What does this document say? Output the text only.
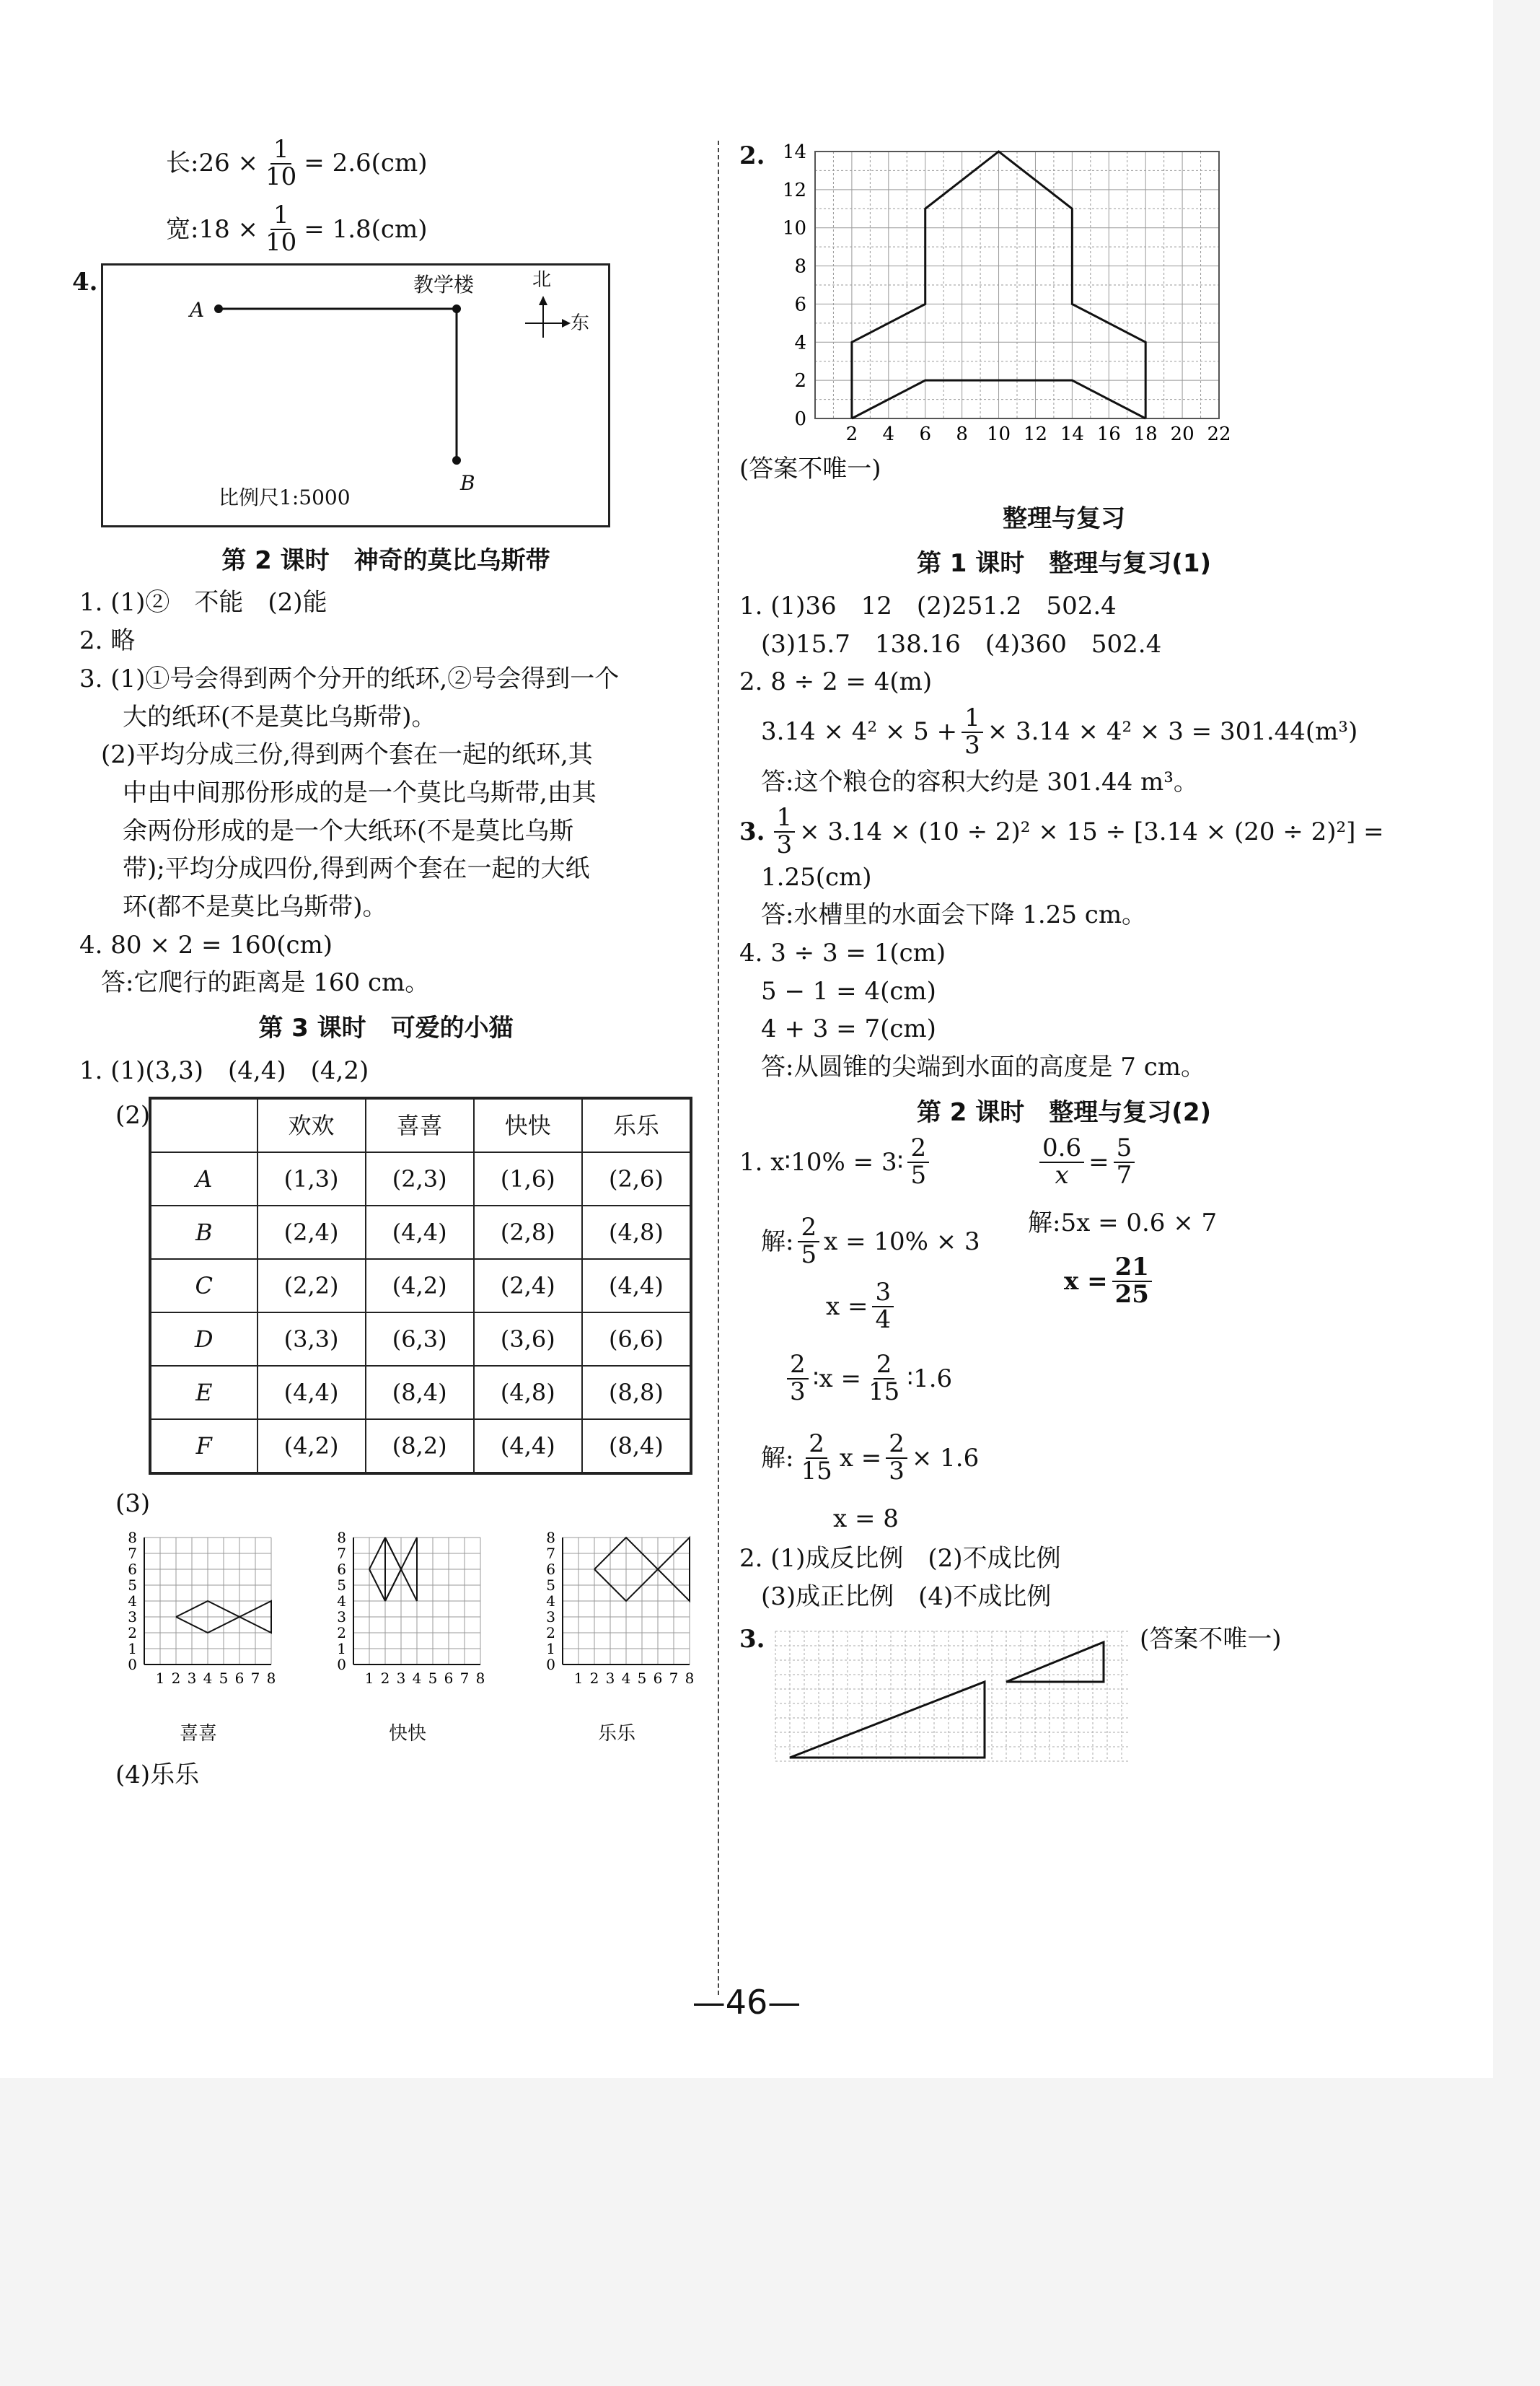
长:26 × $\frac{1}{10} = 2.6(cm)$

宽:18 × $\frac{1}{10} = 1.8(cm)$

4.
A
教学楼
B
北
东
比例尺1:5000

第 2 课时　神奇的莫比乌斯带

1. (1)②　不能　(2)能

2. 略

3. (1)①号会得到两个分开的纸环,②号会得到一个

大的纸环(不是莫比乌斯带)。

(2)平均分成三份,得到两个套在一起的纸环,其

中由中间那份形成的是一个莫比乌斯带,由其

余两份形成的是一个大纸环(不是莫比乌斯

带);平均分成四份,得到两个套在一起的大纸

环(都不是莫比乌斯带)。

4. 80 × 2 = 160(cm)

答:它爬行的距离是 160 cm。

第 3 课时　可爱的小猫

1. (1)(3,3)　(4,4)　(4,2)

(2)
		欢欢	喜喜	快快	乐乐
A	(1,3)	(2,3)	(1,6)	(2,6)
B	(2,4)	(4,4)	(2,8)	(4,8)
C	(2,2)	(4,2)	(2,4)	(4,4)
D	(3,3)	(6,3)	(3,6)	(6,6)
E	(4,4)	(8,4)	(4,8)	(8,8)
F	(4,2)	(8,2)	(4,4)	(8,4)

(3)

8
7
6
5
4
3
2
1
0
1 2 3 4 5 6 7 8
喜喜
8
7
6
5
4
3
2
1
0
1 2 3 4 5 6 7 8
快快
8
7
6
5
4
3
2
1
0
1 2 3 4 5 6 7 8
乐乐

(4)乐乐

2.
2 4 6 8 10 12 14 16 18 20 22
0
2
4
6
8
10
12
14

(答案不唯一)

整理与复习

第 1 课时　整理与复习(1)

1. (1)36　12　(2)251.2　502.4

(3)15.7　138.16　(4)360　502.4

2. 8 ÷ 2 = 4(m)

$3.14 \times 4^2 \times 5 + \frac{1}{3} \times 3.14 \times 4^2 \times 3 = 301.44(m^3)$

答:这个粮仓的容积大约是 301.44 m³。

3. $\frac{1}{3} \times 3.14 \times (10 \div 2)^2 \times 15 \div [3.14 \times (20 \div 2)^2]$ =

1.25(cm)

答:水槽里的水面会下降 1.25 cm。

4. 3 ÷ 3 = 1(cm)

5 − 1 = 4(cm)

4 + 3 = 7(cm)

答:从圆锥的尖端到水面的高度是 7 cm。

第 2 课时　整理与复习(2)

1. x∶10% = 3∶ $\frac{2}{5}$	$\frac{0.6}{x} = \frac{5}{7}$
解: $\frac{2}{5}$ x = 10% × 3

解:5x = 0.6 × 7

$x = \frac{3}{4}$	$x = \frac{21}{25}$
$\frac{2}{3}$ ∶x = $\frac{2}{15}$ ∶1.6
解: $\frac{2}{15}$ $x = \frac{2}{3} \times 1.6$

x = 8

2. (1)成反比例　(2)不成比例

(3)成正比例　(4)不成比例

3.	(答案不唯一)
—46—
